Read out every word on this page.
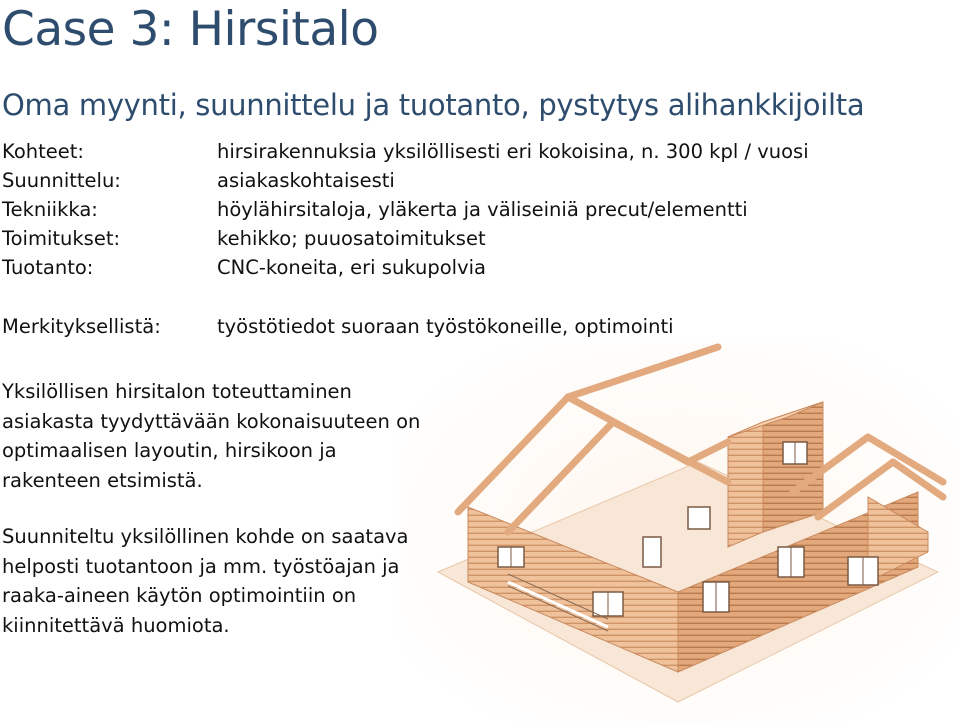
Case 3: Hirsitalo
Oma myynti, suunnittelu ja tuotanto, pystytys alihankkijoilta
Kohteet:	hirsirakennuksia yksilöllisesti eri kokoisina, n. 300 kpl / vuosi
Suunnittelu:	asiakaskohtaisesti
Tekniikka:	höylähirsitaloja, yläkerta ja väliseiniä precut/elementti
Toimitukset:	kehikko; puuosatoimitukset
Tuotanto:	CNC-koneita, eri sukupolvia
Merkityksellistä:	työstötiedot suoraan työstökoneille, optimointi

Yksilöllisen hirsitalon toteuttaminen

asiakasta tyydyttävään kokonaisuuteen on

optimaalisen layoutin, hirsikoon ja

rakenteen etsimistä.

Suunniteltu yksilöllinen kohde on saatava

helposti tuotantoon ja mm. työstöajan ja

raaka-aineen käytön optimointiin on

kiinnitettävä huomiota.
